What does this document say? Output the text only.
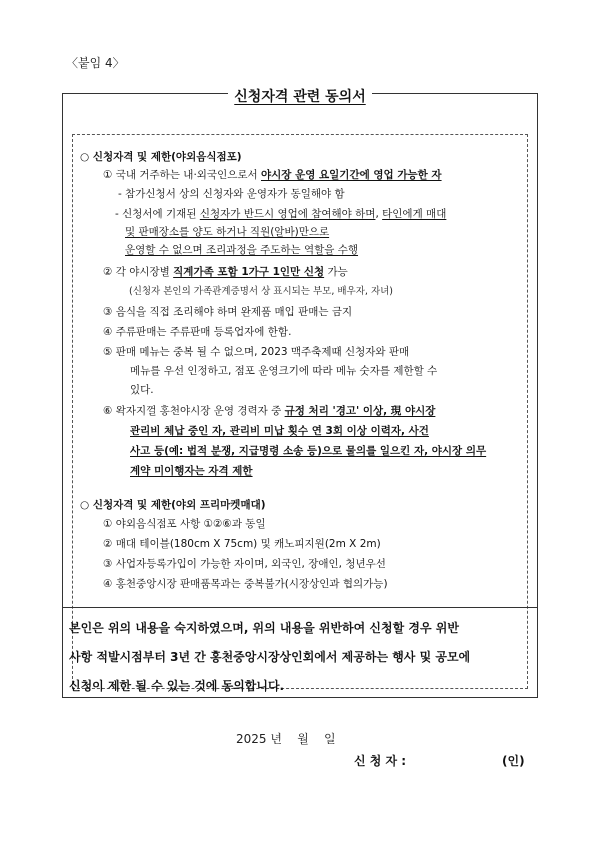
〈붙임 4〉
신청자격 관련 동의서
○ 신청자격 및 제한(야외음식점포)
① 국내 거주하는 내·외국인으로서 야시장 운영 요일기간에 영업 가능한 자
- 참가신청서 상의 신청자와 운영자가 동일해야 함
- 신청서에 기재된 신청자가 반드시 영업에 참여해야 하며, 타인에게 매대
및 판매장소를 양도 하거나 직원(알바)만으로
운영할 수 없으며 조리과정을 주도하는 역할을 수행
② 각 야시장별 직계가족 포함 1가구 1인만 신청 가능
(신청자 본인의 가족관계증명서 상 표시되는 부모, 배우자, 자녀)
③ 음식을 직접 조리해야 하며 완제품 매입 판매는 금지
④ 주류판매는 주류판매 등록업자에 한함.
⑤ 판매 메뉴는 중복 될 수 없으며, 2023 맥주축제때 신청자와 판매
메뉴를 우선 인정하고, 점포 운영크기에 따라 메뉴 숫자를 제한할 수
있다.
⑥ 왁자지껄 홍천야시장 운영 경력자 중 규정 처리 '경고' 이상, 現 야시장
관리비 체납 중인 자, 관리비 미납 횟수 연 3회 이상 이력자, 사건
사고 등(예: 법적 분쟁, 지급명령 소송 등)으로 물의를 일으킨 자, 야시장 의무
계약 미이행자는 자격 제한
○ 신청자격 및 제한(야외 프리마켓매대)
① 야외음식점포 사항 ①②⑥과 동일
② 매대 테이블(180cm X 75cm) 및 캐노피지원(2m X 2m)
③ 사업자등록가입이 가능한 자이며, 외국인, 장애인, 청년우선
④ 홍천중앙시장 판매품목과는 중복불가(시장상인과 협의가능)
본인은 위의 내용을 숙지하였으며, 위의 내용을 위반하여 신청할 경우 위반
사항 적발시점부터 3년 간 홍천중앙시장상인회에서 제공하는 행사 및 공모에
신청이 제한 될 수 있는 것에 동의합니다.
2025 년    월    일
신 청 자 :	(인)
